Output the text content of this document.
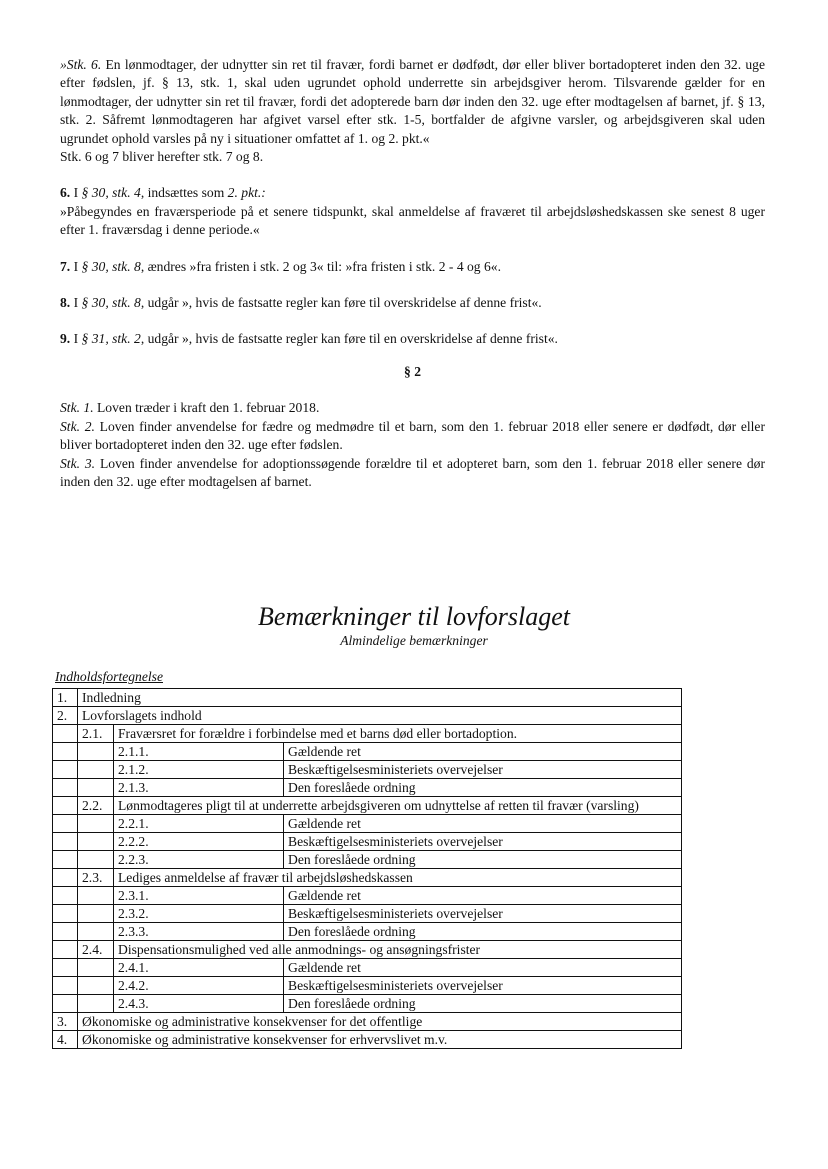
»Stk. 6. En lønmodtager, der udnytter sin ret til fravær, fordi barnet er dødfødt, dør eller bliver bortadopteret inden den 32. uge efter fødslen, jf. § 13, stk. 1, skal uden ugrundet ophold underrette sin arbejdsgiver herom. Tilsvarende gælder for en lønmodtager, der udnytter sin ret til fravær, fordi det adopterede barn dør inden den 32. uge efter modtagelsen af barnet, jf. § 13, stk. 2. Såfremt lønmodtageren har afgivet varsel efter stk. 1-5, bortfalder de afgivne varsler, og arbejdsgiveren skal uden ugrundet ophold varsles på ny i situationer omfattet af 1. og 2. pkt.«

Stk. 6 og 7 bliver herefter stk. 7 og 8.

6. I § 30, stk. 4, indsættes som 2. pkt.:

»Påbegyndes en fraværsperiode på et senere tidspunkt, skal anmeldelse af fraværet til arbejdsløshedskassen ske senest 8 uger efter 1. fraværsdag i denne periode.«

7. I § 30, stk. 8, ændres »fra fristen i stk. 2 og 3« til: »fra fristen i stk. 2 - 4 og 6«.

8. I § 30, stk. 8, udgår », hvis de fastsatte regler kan føre til overskridelse af denne frist«.

9. I § 31, stk. 2, udgår », hvis de fastsatte regler kan føre til en overskridelse af denne frist«.

§ 2

Stk. 1. Loven træder i kraft den 1. februar 2018.

Stk. 2. Loven finder anvendelse for fædre og medmødre til et barn, som den 1. februar 2018 eller senere er dødfødt, dør eller bliver bortadopteret inden den 32. uge efter fødslen.

Stk. 3. Loven finder anvendelse for adoptionssøgende forældre til et adopteret barn, som den 1. februar 2018 eller senere dør inden den 32. uge efter modtagelsen af barnet.

Bemærkninger til lovforslaget
Almindelige bemærkninger
Indholdsfortegnelse
1.	Indledning		
2.	Lovforslagets indhold		
	2.1.	Fraværsret for forældre i forbindelse med et barns død eller bortadoption.	
		2.1.1.	Gældende ret
		2.1.2.	Beskæftigelsesministeriets overvejelser
		2.1.3.	Den foreslåede ordning
	2.2.	Lønmodtageres pligt til at underrette arbejdsgiveren om udnyttelse af retten til fravær (varsling)	
		2.2.1.	Gældende ret
		2.2.2.	Beskæftigelsesministeriets overvejelser
		2.2.3.	Den foreslåede ordning
	2.3.	Lediges anmeldelse af fravær til arbejdsløshedskassen	
		2.3.1.	Gældende ret
		2.3.2.	Beskæftigelsesministeriets overvejelser
		2.3.3.	Den foreslåede ordning
	2.4.	Dispensationsmulighed ved alle anmodnings- og ansøgningsfrister	
		2.4.1.	Gældende ret
		2.4.2.	Beskæftigelsesministeriets overvejelser
		2.4.3.	Den foreslåede ordning
3.	Økonomiske og administrative konsekvenser for det offentlige		
4.	Økonomiske og administrative konsekvenser for erhvervslivet m.v.		
